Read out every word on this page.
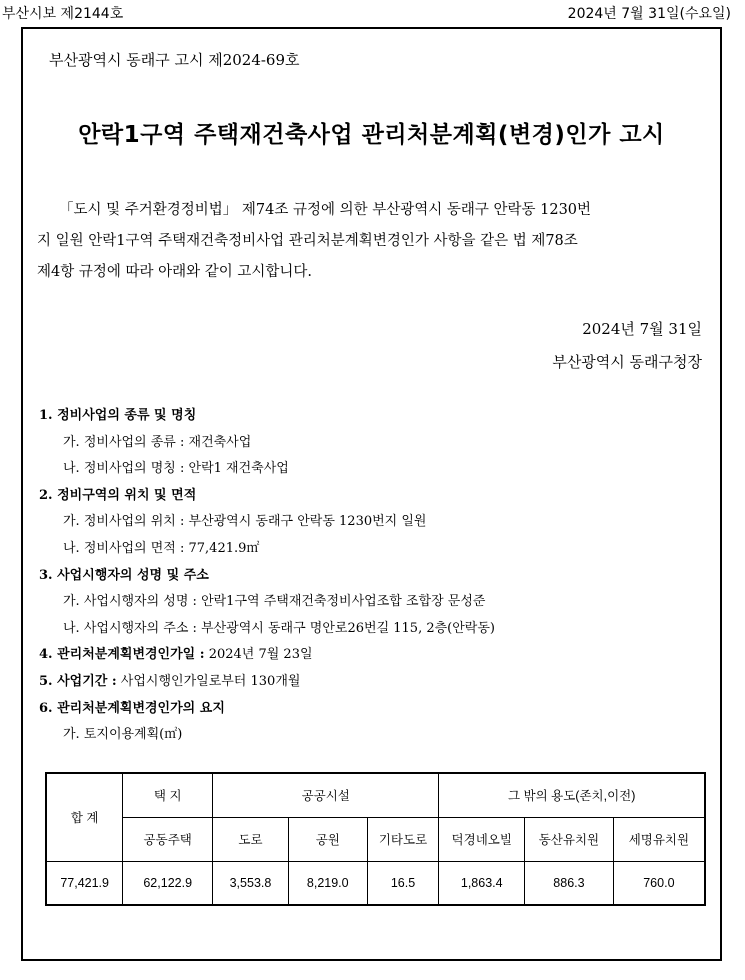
부산시보 제2144호	2024년 7월 31일(수요일)
부산광역시 동래구 고시 제2024-69호
안락1구역 주택재건축사업 관리처분계획(변경)인가 고시
「도시 및 주거환경정비법」 제74조 규정에 의한 부산광역시 동래구 안락동 1230번
지 일원 안락1구역 주택재건축정비사업 관리처분계획변경인가 사항을 같은 법 제78조
제4항 규정에 따라 아래와 같이 고시합니다.
2024년 7월 31일
부산광역시 동래구청장
1. 정비사업의 종류 및 명칭
가. 정비사업의 종류 : 재건축사업
나. 정비사업의 명칭 : 안락1 재건축사업
2. 정비구역의 위치 및 면적
가. 정비사업의 위치 : 부산광역시 동래구 안락동 1230번지 일원
나. 정비사업의 면적 : 77,421.9㎡
3. 사업시행자의 성명 및 주소
가. 사업시행자의 성명 : 안락1구역 주택재건축정비사업조합 조합장 문성준
나. 사업시행자의 주소 : 부산광역시 동래구 명안로26번길 115, 2층(안락동)
4. 관리처분계획변경인가일 : 2024년 7월 23일
5. 사업기간 : 사업시행인가일로부터 130개월
6. 관리처분계획변경인가의 요지
가. 토지이용계획(㎡)
합 계	택 지	공공시설			그 밖의 용도(존치,이전)		
	공동주택	도로	공원	기타도로	덕경네오빌	동산유치원	세명유치원
77,421.9	62,122.9	3,553.8	8,219.0	16.5	1,863.4	886.3	760.0
